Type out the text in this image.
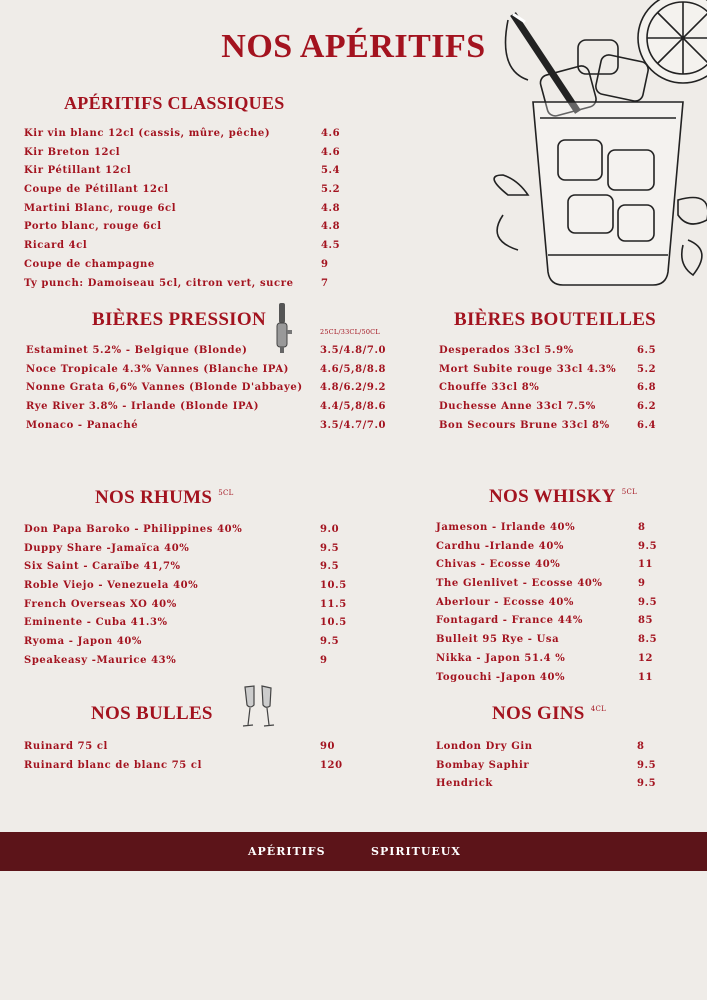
NOS APÉRITIFS
APÉRITIFS CLASSIQUES
Kir vin blanc 12cl (cassis, mûre, pêche)	4.6
Kir Breton 12cl	4.6
Kir Pétillant 12cl	5.4
Coupe de Pétillant 12cl	5.2
Martini Blanc, rouge 6cl	4.8
Porto blanc, rouge 6cl	4.8
Ricard 4cl	4.5
Coupe de champagne	9
Ty punch: Damoiseau 5cl, citron vert, sucre	7
BIÈRES PRESSION
25CL/33CL/50CL
Estaminet 5.2% - Belgique (Blonde)	3.5/4.8/7.0
Noce Tropicale 4.3% Vannes (Blanche IPA)	4.6/5,8/8.8
Nonne Grata 6,6% Vannes (Blonde D'abbaye) 4.8/6.2/9.2
Rye River 3.8% - Irlande (Blonde IPA)	4.4/5,8/8.6
Monaco - Panaché	3.5/4.7/7.0
BIÈRES BOUTEILLES
Desperados 33cl 5.9%	6.5
Mort Subite rouge 33cl 4.3% 5.2
Chouffe 33cl 8%	6.8
Duchesse Anne 33cl 7.5%	6.2
Bon Secours Brune 33cl 8%	6.4
NOS RHUMS $^{5CL}$
Don Papa Baroko - Philippines 40%	9.0
Duppy Share -Jamaïca 40%	9.5
Six Saint - Caraïbe 41,7%	9.5
Roble Viejo - Venezuela 40%	10.5
French Overseas XO 40%	11.5
Eminente - Cuba 41.3%	10.5
Ryoma - Japon 40%	9.5
Speakeasy -Maurice 43%	9
NOS WHISKY $^{5CL}$
Jameson - Irlande 40%	8
Cardhu -Irlande 40%	9.5
Chivas - Ecosse 40%	11
The Glenlivet - Ecosse 40%	9
Aberlour - Ecosse 40%	9.5
Fontagard - France 44%	85
Bulleit 95 Rye - Usa	8.5
Nikka - Japon 51.4 %	12
Togouchi -Japon 40%	11
NOS BULLES
Ruinard 75 cl	90
Ruinard blanc de blanc 75 cl	120
NOS GINS $^{4CL}$
London Dry Gin	8
Bombay Saphir	9.5
Hendrick	9.5
APÉRITIFS	SPIRITUEUX
